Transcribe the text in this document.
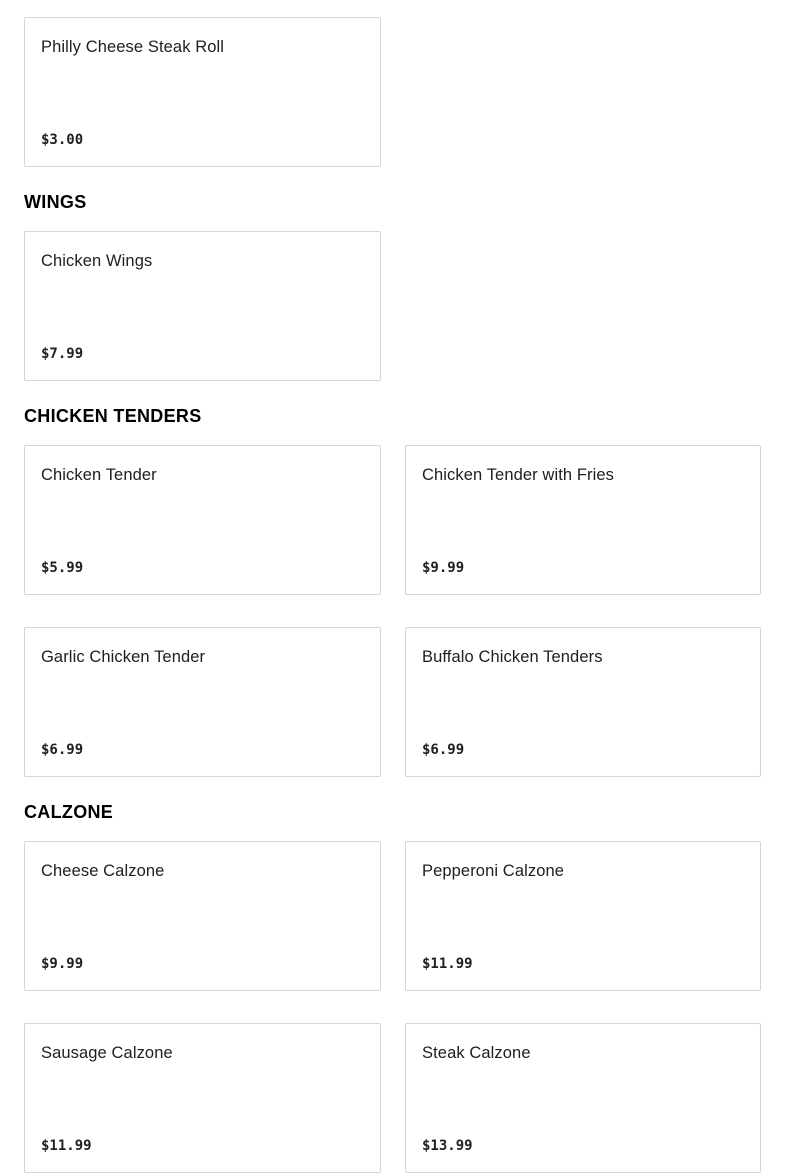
Philly Cheese Steak Roll
$3.00
WINGS
Chicken Wings
$7.99
CHICKEN TENDERS
Chicken Tender
$5.99
Chicken Tender with Fries
$9.99
Garlic Chicken Tender
$6.99
Buffalo Chicken Tenders
$6.99
CALZONE
Cheese Calzone
$9.99
Pepperoni Calzone
$11.99
Sausage Calzone
$11.99
Steak Calzone
$13.99
